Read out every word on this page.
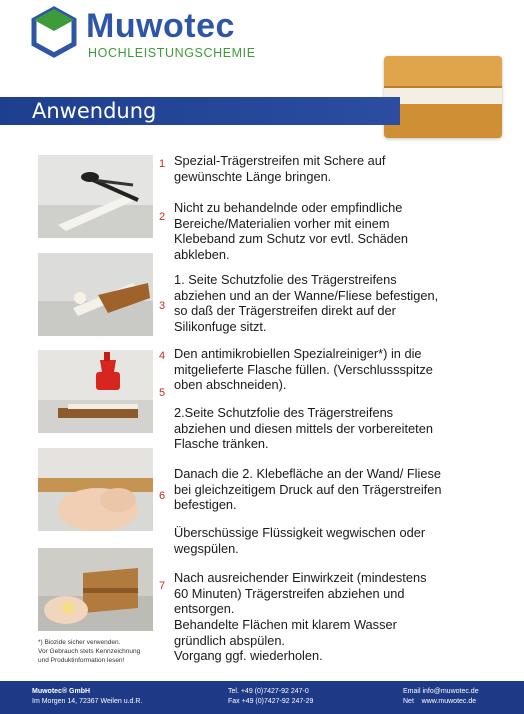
Muwotec
HOCHLEISTUNGSCHEMIE
Anwendung
1
2
3
4
5
6
7
Spezial-Trägerstreifen mit Schere auf gewünschte Länge bringen.
Nicht zu behandelnde oder empfindliche Bereiche/Materialien vorher mit einem Klebeband zum Schutz vor evtl. Schäden abkleben.
1. Seite Schutzfolie des Trägerstreifens abziehen und an der Wanne/Fliese befestigen, so daß der Trägerstreifen direkt auf der Silikonfuge sitzt.
Den antimikrobiellen Spezialreiniger*) in die mitgelieferte Flasche füllen. (Verschlussspitze oben abschneiden).
2.Seite Schutzfolie des Trägerstreifens abziehen und diesen mittels der vorbereiteten Flasche tränken.
Danach die 2. Klebefläche an der Wand/ Fliese bei gleichzeitigem Druck auf den Trägerstreifen befestigen.
Überschüssige Flüssigkeit wegwischen oder wegspülen.
Nach ausreichender Einwirkzeit (mindestens 60 Minuten) Trägerstreifen abziehen und entsorgen.
Behandelte Flächen mit klarem Wasser gründlich abspülen.
Vorgang ggf. wiederholen.
*) Biozide sicher verwenden.
Vor Gebrauch stets Kennzeichnung
und Produktinformation lesen!
Muwotec® GmbH
Im Morgen 14, 72367 Weilen u.d.R.
Tel. +49 (0)7427-92 247-0
Fax +49 (0)7427-92 247-29
Email info@muwotec.de
Net    www.muwotec.de
